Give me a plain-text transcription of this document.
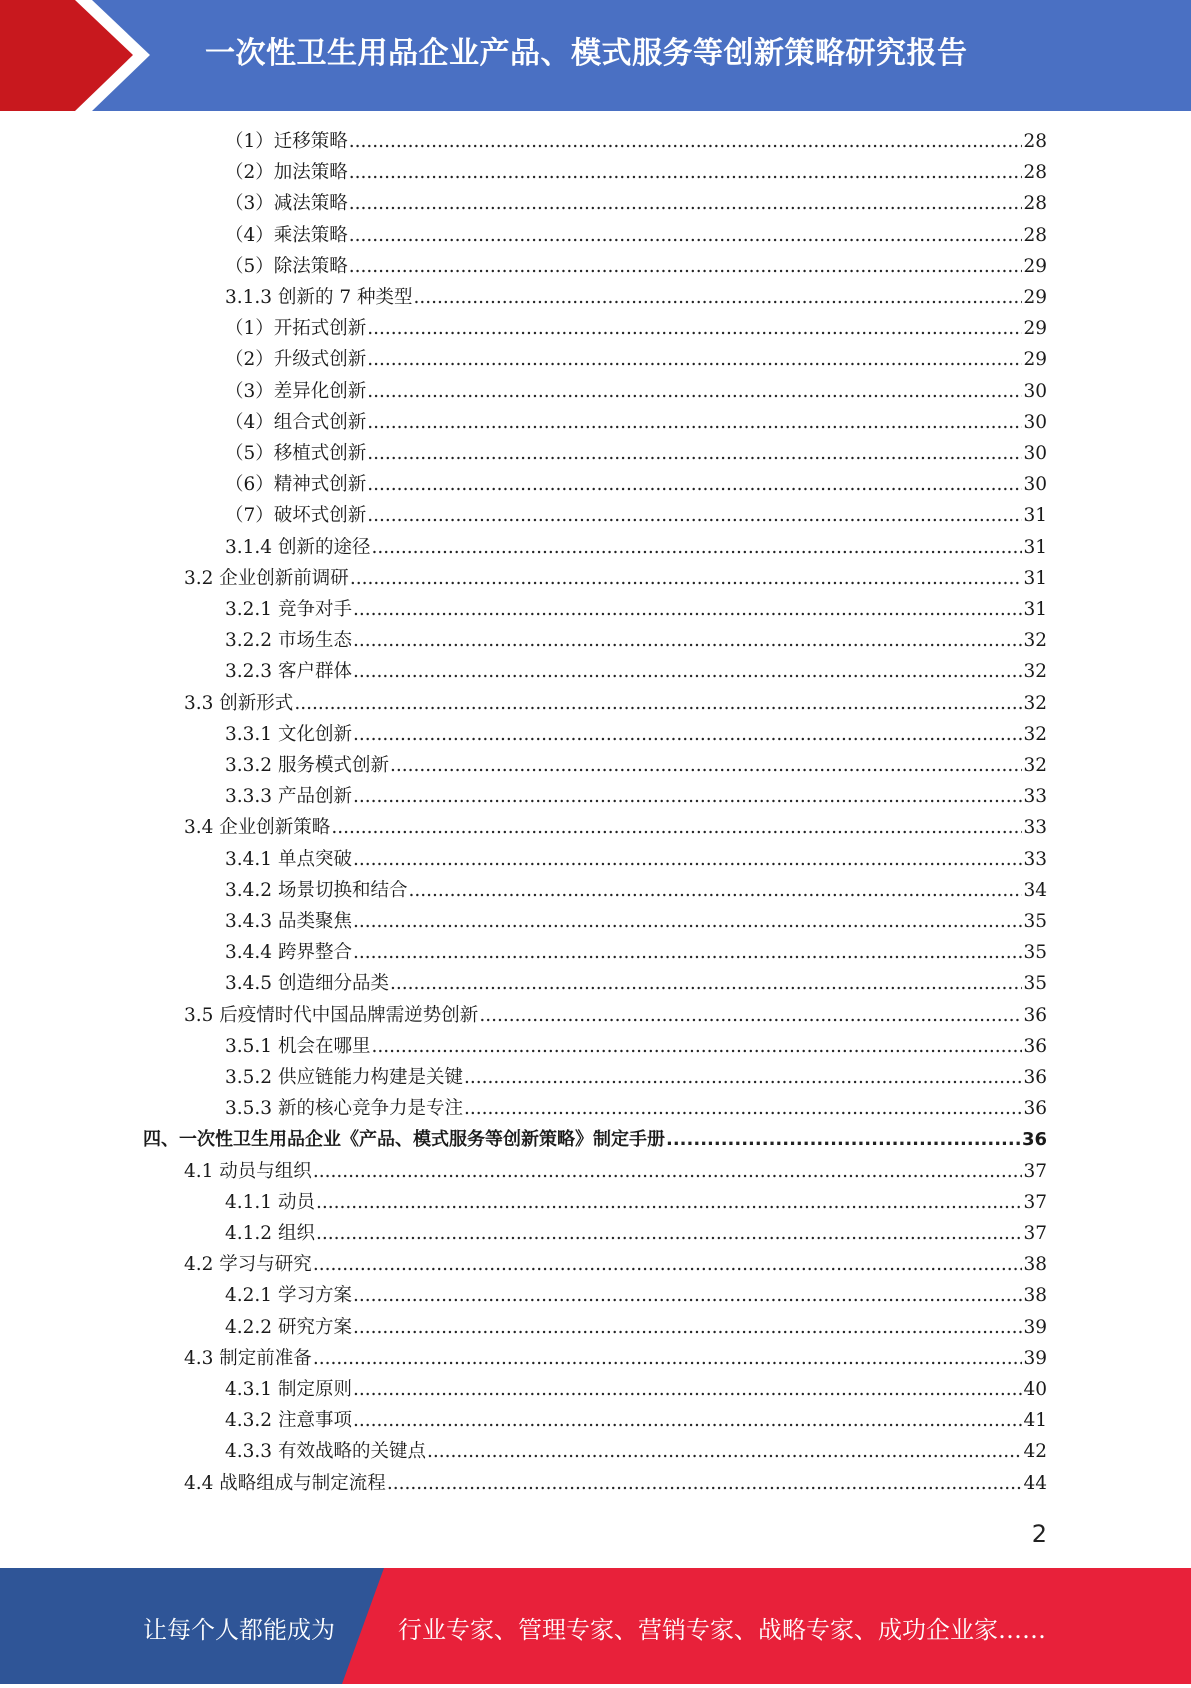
一次性卫生用品企业产品、模式服务等创新策略研究报告
（1）迁移策略 .....	28
（2）加法策略 .....	28
（3）减法策略 .....	28
（4）乘法策略 .....	28
（5）除法策略 .....	29
3.1.3 创新的 7 种类型 .....	29
（1）开拓式创新 .....	29
（2）升级式创新 .....	29
（3）差异化创新 .....	30
（4）组合式创新 .....	30
（5）移植式创新 .....	30
（6）精神式创新 .....	30
（7）破坏式创新 .....	31
3.1.4 创新的途径 .....	31
3.2 企业创新前调研 .....	31
3.2.1 竞争对手 .....	31
3.2.2 市场生态 .....	32
3.2.3 客户群体 .....	32
3.3 创新形式 .....	32
3.3.1 文化创新 .....	32
3.3.2 服务模式创新 .....	32
3.3.3 产品创新 .....	33
3.4 企业创新策略 .....	33
3.4.1 单点突破 .....	33
3.4.2 场景切换和结合 .....	34
3.4.3 品类聚焦 .....	35
3.4.4 跨界整合 .....	35
3.4.5 创造细分品类 .....	35
3.5 后疫情时代中国品牌需逆势创新 .....	36
3.5.1 机会在哪里 .....	36
3.5.2 供应链能力构建是关键 .....	36
3.5.3 新的核心竞争力是专注 .....	36
四、一次性卫生用品企业《产品、模式服务等创新策略》制定手册 .....	36
4.1 动员与组织 .....	37
4.1.1 动员 .....	37
4.1.2 组织 .....	37
4.2 学习与研究 .....	38
4.2.1 学习方案 .....	38
4.2.2 研究方案 .....	39
4.3 制定前准备 .....	39
4.3.1 制定原则 .....	40
4.3.2 注意事项 .....	41
4.3.3 有效战略的关键点 .....	42
4.4 战略组成与制定流程 .....	44
2
让每个人都能成为	行业专家、管理专家、营销专家、战略专家、成功企业家……
